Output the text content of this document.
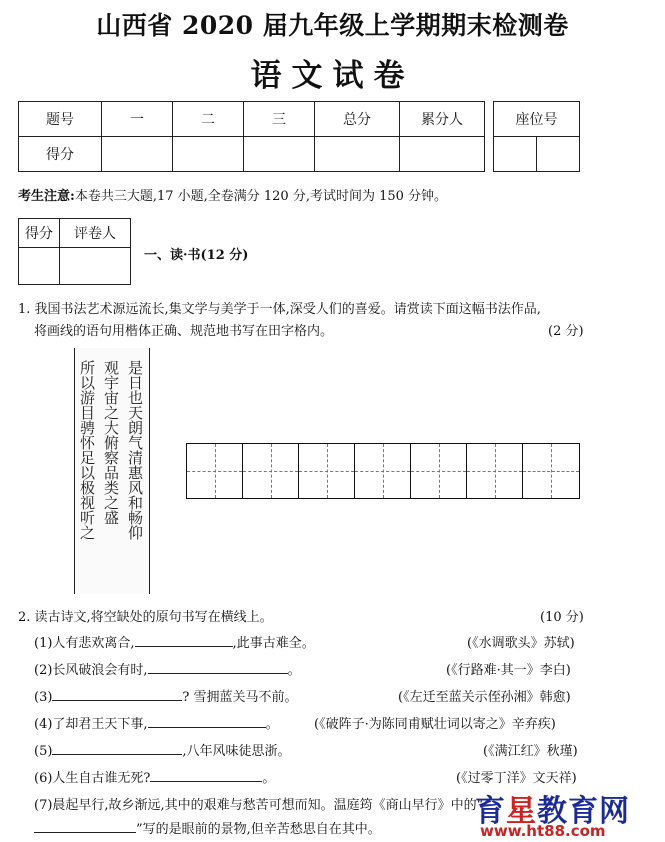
山西省 2020 届九年级上学期期末检测卷
语文试卷
题号	一	二	三	总分	累分人
得分					
座位号

考生注意:本卷共三大题,17 小题,全卷满分 120 分,考试时间为 150 分钟。
得分	评卷人

一、读·书(12 分)
1. 我国书法艺术源远流长,集文学与美学于一体,深受人们的喜爱。请赏读下面这幅书法作品,
将画线的语句用楷体正确、规范地书写在田字格内。	(2 分)
是日也天朗气清惠风和畅仰
观宇宙之大俯察品类之盛
所以游目骋怀足以极视听之
2. 读古诗文,将空缺处的原句书写在横线上。	(10 分)
(1)人有悲欢离合,	,此事古难全。	(《水调歌头》苏轼)
(2)长风破浪会有时,	。	(《行路难·其一》李白)
(3)	? 雪拥蓝关马不前。	(《左迁至蓝关示侄孙湘》韩愈)
(4)了却君王天下事,	。	(《破阵子·为陈同甫赋壮词以寄之》辛弃疾)
(5)	,八年风味徒思浙。	(《满江红》秋瑾)
(6)人生自古谁无死?	。	(《过零丁洋》文天祥)
(7)晨起早行,故乡渐远,其中的艰难与愁苦可想而知。温庭筠《商山早行》中的“
”写的是眼前的景物,但辛苦愁思自在其中。
育星教育网
www.ht88.com
